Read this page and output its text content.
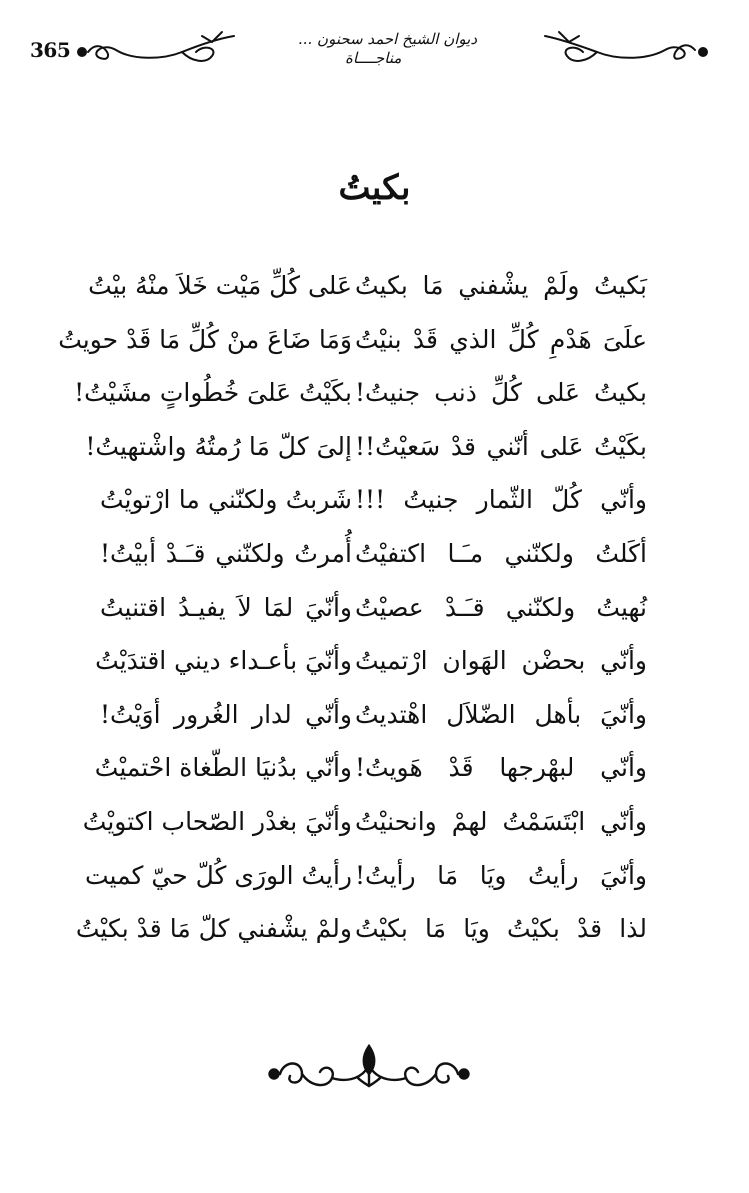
365	ديوان الشيخ احمد سحنون ...
مناجــــاة
بكيتُ
بَكيتُ ولَمْ يشْفني مَا بكيتُ
عَلى كُلِّ مَيْت خَلاَ منْهُ بيْتُ
علَىَ هَدْمِ كُلِّ الذي قَدْ بنيْتُ
وَمَا ضَاعَ منْ كُلِّ مَا قَدْ حويتُ
بكيتُ عَلى كُلِّ ذنب جنيتُ!
بكَيْتُ عَلىَ خُطُواتٍ مشَيْتُ!
بكَيْتُ عَلى أنّني قدْ سَعيْتُ!!
إلىَ كلّ مَا رُمتُهُ واشْتهيتُ!
وأنّي كُلّ الثّمار جنيتُ !!!
شَربتُ ولكنّني ما ارْتويْتُ
أكَلتُ ولكنّني مـَـا اكتفيْتُ
أُمرتُ ولكنّني قـَـدْ أبيْتُ!
نُهيتُ ولكنّني قـَـدْ عصيْتُ
وأنّيَ لمَا لاَ يفيـدُ اقتنيتُ
وأنّي بحضْن الهَوان ارْتميتُ
وأنّيَ بأعـداء ديني اقتدَيْتُ
وأنّيَ بأهل الضّلاَل اهْتديتُ
وأنّي لدار الغُرور أوَيْتُ!
وأنّي لبهْرجها قَدْ هَويتُ!
وأنّي بدُنيَا الطّغاة احْتميْتُ
وأنّي ابْتَسَمْتُ لهمْ وانحنيْتُ
وأنّيَ بغدْر الصّحاب اكتويْتُ
وأنّيَ رأيتُ ويَا مَا رأيتُ!
رأيتُ الورَى كُلّ حيّ كميت
لذا قدْ بكيْتُ ويَا مَا بكيْتُ
ولمْ يشْفني كلّ مَا قدْ بكيْتُ
